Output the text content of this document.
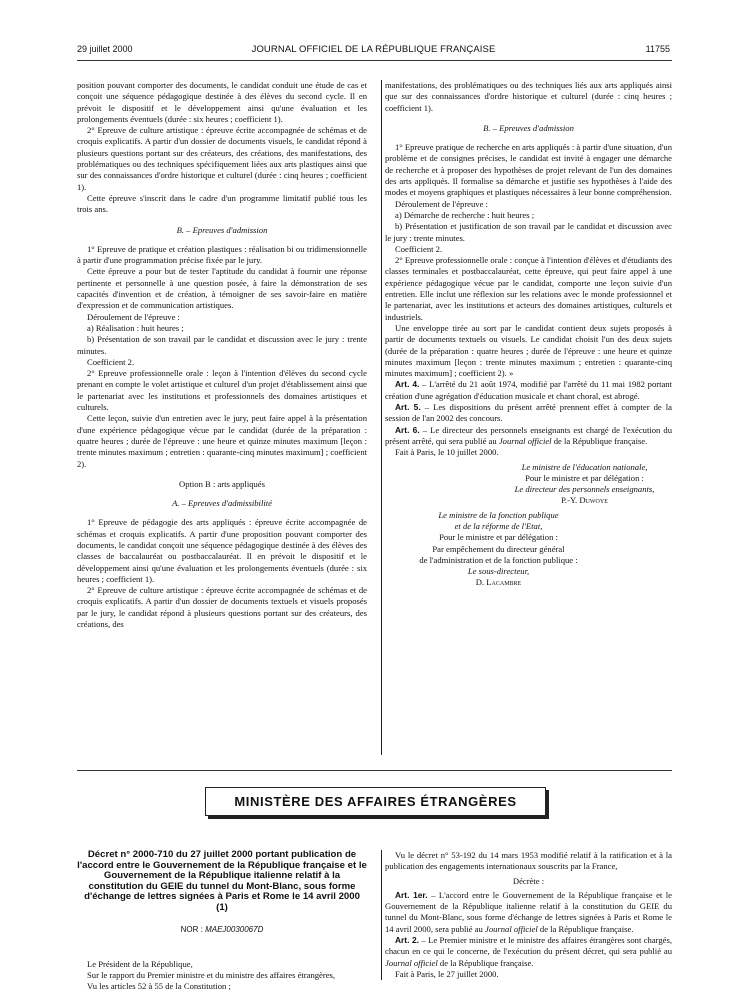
29 juillet 2000	JOURNAL OFFICIEL DE LA RÉPUBLIQUE FRANÇAISE	11755

position pouvant comporter des documents, le candidat conduit une étude de cas et conçoit une séquence pédagogique destinée à des élèves du second cycle. Il en prévoit le dispositif et le développement ainsi qu'une évaluation et les prolongements éventuels (durée : six heures ; coefficient 1).

2° Epreuve de culture artistique : épreuve écrite accompagnée de schémas et de croquis explicatifs. A partir d'un dossier de documents visuels, le candidat répond à plusieurs questions portant sur des créateurs, des créations, des manifestations, des problématiques ou des techniques spécifiquement liées aux arts plastiques ainsi que sur des connaissances d'ordre historique et culturel (durée : cinq heures ; coefficient 1).

Cette épreuve s'inscrit dans le cadre d'un programme limitatif publié tous les trois ans.

B. – Epreuves d'admission

1° Epreuve de pratique et création plastiques : réalisation bi ou tridimensionnelle à partir d'une programmation précise fixée par le jury.

Cette épreuve a pour but de tester l'aptitude du candidat à fournir une réponse pertinente et personnelle à une question posée, à faire la démonstration de ses capacités d'invention et de création, à témoigner de ses savoir-faire en matière d'expression et de communication artistiques.

Déroulement de l'épreuve :

a) Réalisation : huit heures ;

b) Présentation de son travail par le candidat et discussion avec le jury : trente minutes.

Coefficient 2.

2° Epreuve professionnelle orale : leçon à l'intention d'élèves du second cycle prenant en compte le volet artistique et culturel d'un projet d'établissement ainsi que le partenariat avec les institutions et professionnels des domaines artistiques et culturels.

Cette leçon, suivie d'un entretien avec le jury, peut faire appel à la présentation d'une expérience pédagogique vécue par le candidat (durée de la préparation : quatre heures ; durée de l'épreuve : une heure et quinze minutes maximum [leçon : trente minutes maximum ; entretien : quarante-cinq minutes maximum] ; coefficient 2).

Option B : arts appliqués

A. – Epreuves d'admissibilité

1° Epreuve de pédagogie des arts appliqués : épreuve écrite accompagnée de schémas et croquis explicatifs. A partir d'une proposition pouvant comporter des documents, le candidat conçoit une séquence pédagogique destinée à des élèves des classes de baccalauréat ou postbaccalauréat. Il en prévoit le dispositif et le développement ainsi qu'une évaluation et les prolongements éventuels (durée : six heures ; coefficient 1).

2° Epreuve de culture artistique : épreuve écrite accompagnée de schémas et de croquis explicatifs. A partir d'un dossier de documents textuels et visuels proposés par le jury, le candidat répond à plusieurs questions portant sur des créateurs, des créations, des

manifestations, des problématiques ou des techniques liés aux arts appliqués ainsi que sur des connaissances d'ordre historique et culturel (durée : cinq heures ; coefficient 1).

B. – Epreuves d'admission

1° Epreuve pratique de recherche en arts appliqués : à partir d'une situation, d'un problème et de consignes précises, le candidat est invité à engager une démarche de recherche et à proposer des hypothèses de projet relevant de l'un des domaines des arts appliqués. Il formalise sa démarche et justifie ses hypothèses à l'aide des modes et moyens graphiques et plastiques nécessaires à leur bonne compréhension.

Déroulement de l'épreuve :

a) Démarche de recherche : huit heures ;

b) Présentation et justification de son travail par le candidat et discussion avec le jury : trente minutes.

Coefficient 2.

2° Epreuve professionnelle orale : conçue à l'intention d'élèves et d'étudiants des classes terminales et postbaccalauréat, cette épreuve, qui peut faire appel à une expérience pédagogique vécue par le candidat, comporte une leçon suivie d'un entretien. Elle inclut une réflexion sur les relations avec le monde professionnel et le partenariat, avec les institutions et acteurs des domaines artistiques, culturels et industriels.

Une enveloppe tirée au sort par le candidat contient deux sujets proposés à partir de documents textuels ou visuels. Le candidat choisit l'un des deux sujets (durée de la préparation : quatre heures ; durée de l'épreuve : une heure et quinze minutes maximum [leçon : trente minutes maximum ; entretien : quarante-cinq minutes maximum] ; coefficient 2). »

Art. 4. – L'arrêté du 21 août 1974, modifié par l'arrêté du 11 mai 1982 portant création d'une agrégation d'éducation musicale et chant choral, est abrogé.

Art. 5. – Les dispositions du présent arrêté prennent effet à compter de la session de l'an 2002 des concours.

Art. 6. – Le directeur des personnels enseignants est chargé de l'exécution du présent arrêté, qui sera publié au Journal officiel de la République française.

Fait à Paris, le 10 juillet 2000.

Le ministre de l'éducation nationale,
Pour le ministre et par délégation :
Le directeur des personnels enseignants,
P.-Y. Duwoye
Le ministre de la fonction publique
et de la réforme de l'Etat,
Pour le ministre et par délégation :
Par empêchement du directeur général
de l'administration et de la fonction publique :
Le sous-directeur,
D. Lacambre
MINISTÈRE DES AFFAIRES ÉTRANGÈRES
Décret n° 2000-710 du 27 juillet 2000 portant publication de l'accord entre le Gouvernement de la République française et le Gouvernement de la République italienne relatif à la constitution du GEIE du tunnel du Mont-Blanc, sous forme d'échange de lettres signées à Paris et Rome le 14 avril 2000 (1)
NOR : MAEJ0030067D

Le Président de la République,

Sur le rapport du Premier ministre et du ministre des affaires étrangères,

Vu les articles 52 à 55 de la Constitution ;

Vu le décret n° 53-192 du 14 mars 1953 modifié relatif à la ratification et à la publication des engagements internationaux souscrits par la France,

Décrète :

Art. 1er. – L'accord entre le Gouvernement de la République française et le Gouvernement de la République italienne relatif à la constitution du GEIE du tunnel du Mont-Blanc, sous forme d'échange de lettres signées à Paris et Rome le 14 avril 2000, sera publié au Journal officiel de la République française.

Art. 2. – Le Premier ministre et le ministre des affaires étrangères sont chargés, chacun en ce qui le concerne, de l'exécution du présent décret, qui sera publié au Journal officiel de la République française.

Fait à Paris, le 27 juillet 2000.
